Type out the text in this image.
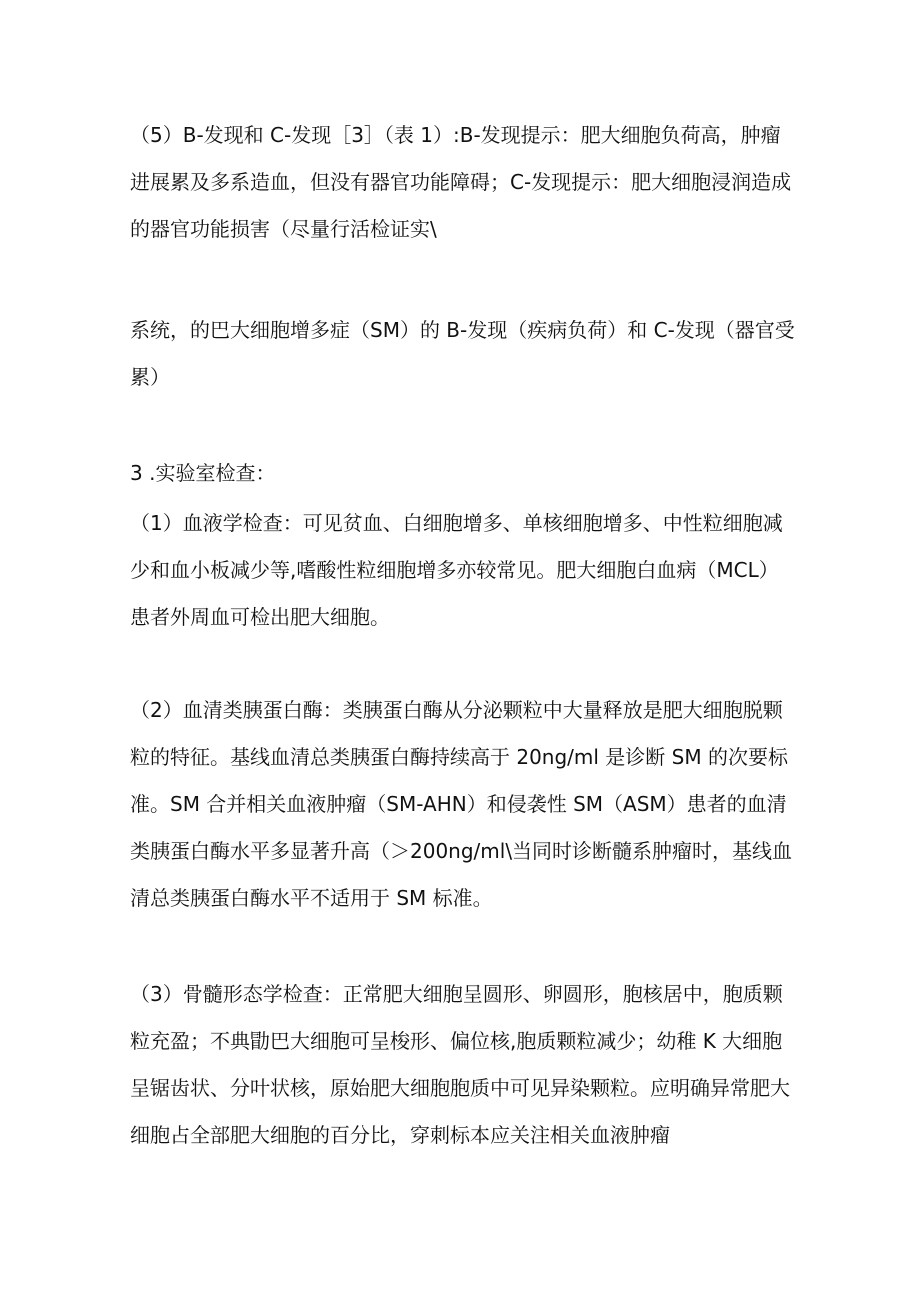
（5）B-发现和 C-发现［3］（表 1）:B-发现提示：肥大细胞负荷高，肿瘤
进展累及多系造血，但没有器官功能障碍；C-发现提示：肥大细胞浸润造成
的器官功能损害（尽量行活检证实\

系统，的巴大细胞增多症（SM）的 B-发现（疾病负荷）和 C-发现（器官受
累）

3 .实验室检查：

（1）血液学检查：可见贫血、白细胞增多、单核细胞增多、中性粒细胞减
少和血小板减少等,嗜酸性粒细胞增多亦较常见。肥大细胞白血病（MCL）
患者外周血可检出肥大细胞。

（2）血清类胰蛋白酶：类胰蛋白酶从分泌颗粒中大量释放是肥大细胞脱颗
粒的特征。基线血清总类胰蛋白酶持续高于 20ng/ml 是诊断 SM 的次要标
准。SM 合并相关血液肿瘤（SM-AHN）和侵袭性 SM（ASM）患者的血清
类胰蛋白酶水平多显著升高（＞200ng/ml\当同时诊断髓系肿瘤时，基线血
清总类胰蛋白酶水平不适用于 SM 标准。

（3）骨髓形态学检查：正常肥大细胞呈圆形、卵圆形，胞核居中，胞质颗
粒充盈；不典勖巴大细胞可呈梭形、偏位核,胞质颗粒减少；幼稚 K 大细胞
呈锯齿状、分叶状核，原始肥大细胞胞质中可见异染颗粒。应明确异常肥大
细胞占全部肥大细胞的百分比，穿刺标本应关注相关血液肿瘤
